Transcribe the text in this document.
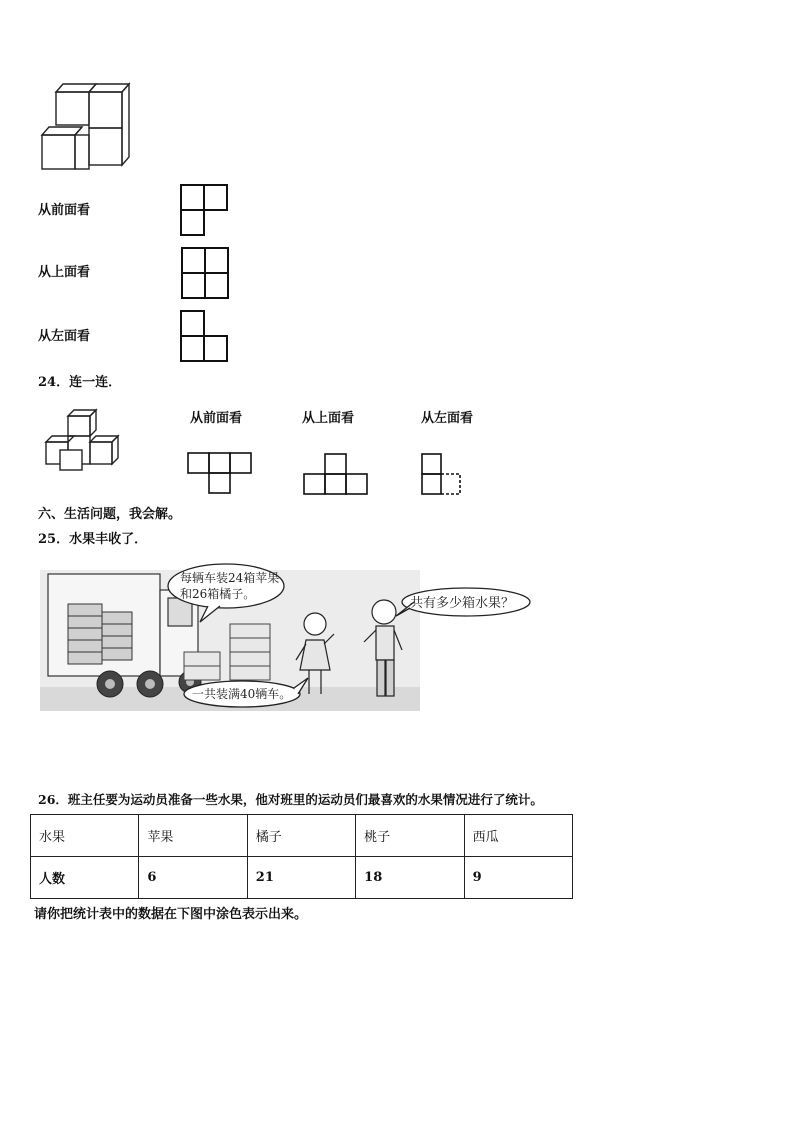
从前面看
从上面看
从左面看
24．连一连．
从前面看	从上面看	从左面看
六、生活问题，我会解。
25．水果丰收了．
每辆车装24箱苹果
和26箱橘子。
一共装满40辆车。
共有多少箱水果？
26．班主任要为运动员准备一些水果，他对班里的运动员们最喜欢的水果情况进行了统计。
水果	苹果	橘子	桃子	西瓜
人数	6	21	18	9
请你把统计表中的数据在下图中涂色表示出来。
